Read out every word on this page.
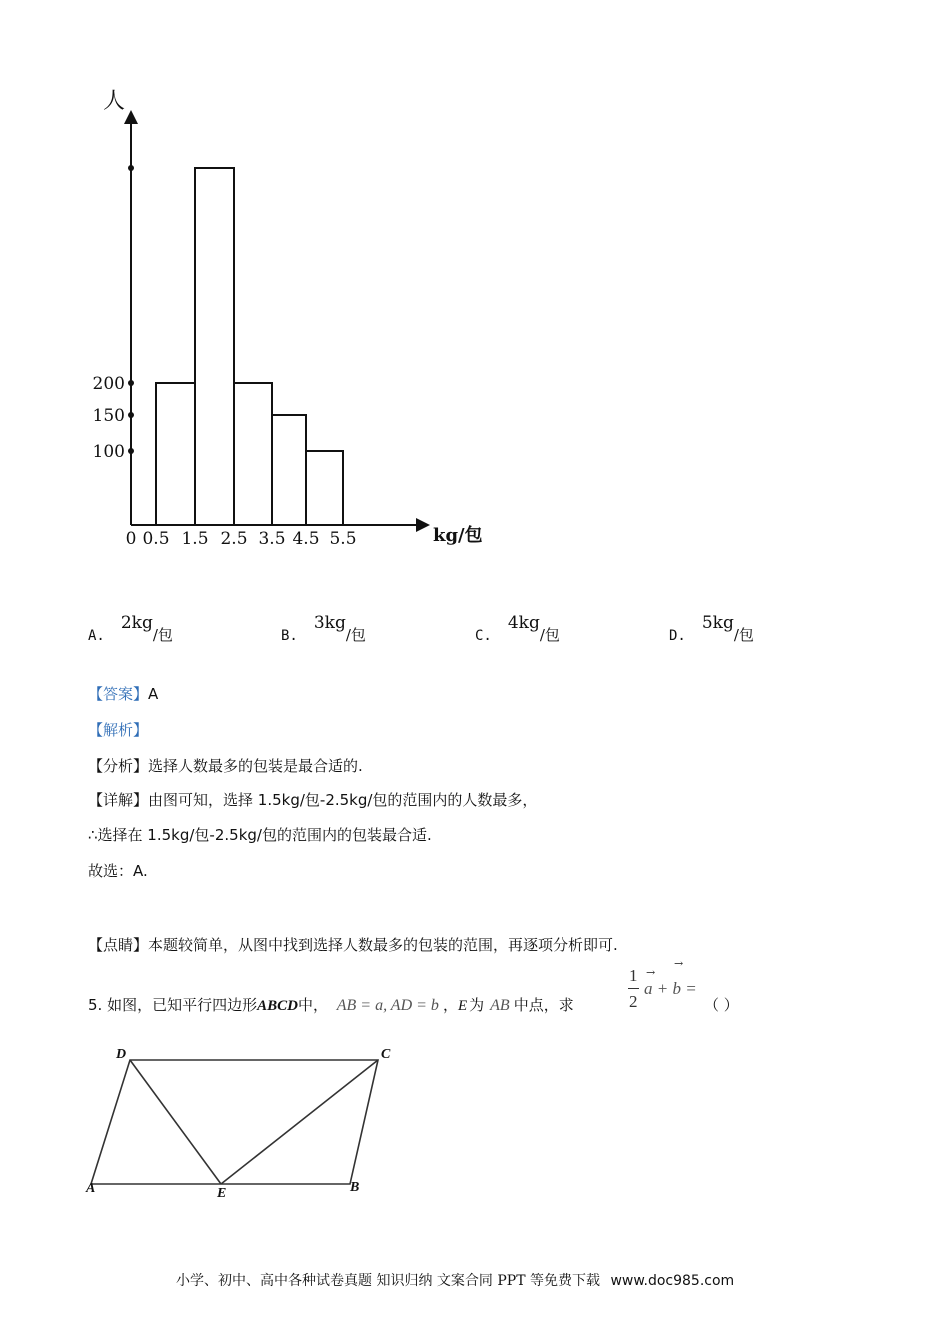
100
150
200
0 0.5 1.5 2.5 3.5 4.5 5.5
人
kg/包
A.2kg/包	B.3kg/包	C.4kg/包	D.5kg/包
【答案】A
【解析】
【分析】选择人数最多的包装是最合适的.
【详解】由图可知，选择 1.5kg/包-2.5kg/包的范围内的人数最多，
∴选择在 1.5kg/包-2.5kg/包的范围内的包装最合适.
故选：A.
【点睛】本题较简单，从图中找到选择人数最多的包装的范围，再逐项分析即可.
5. 如图，已知平行四边形ABCD中， AB = a, AD = b ，E 为 AB 中点，求
1
2
→
→
a + b =
（ ）
D	C
A	E	B
小学、初中、高中各种试卷真题 知识归纳 文案合同 PPT 等免费下载 www.doc985.com
